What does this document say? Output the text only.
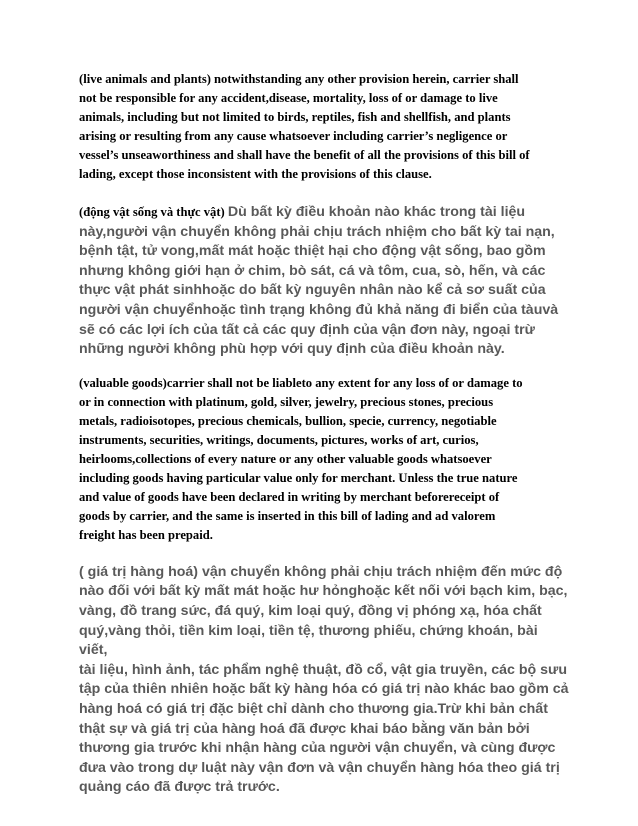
(live animals and plants) notwithstanding any other provision herein, carrier shall
not be responsible for any accident,disease, mortality, loss of or damage to live
animals, including but not limited to birds, reptiles, fish and shellfish, and plants
arising or resulting from any cause whatsoever including carrier’s negligence or
vessel’s unseaworthiness and shall have the benefit of all the provisions of this bill of
lading, except those inconsistent with the provisions of this clause.

(động vật sống và thực vật) Dù bất kỳ điều khoản nào khác trong tài liệu
này,người vận chuyển không phải chịu trách nhiệm cho bất kỳ tai nạn,
bệnh tật, tử vong,mất mát hoặc thiệt hại cho động vật sống, bao gồm
nhưng không giới hạn ở chim, bò sát, cá và tôm, cua, sò, hến, và các
thực vật phát sinhhoặc do bất kỳ nguyên nhân nào kể cả sơ suất của
người vận chuyểnhoặc tình trạng không đủ khả năng đi biển của tàuvà
sẽ có các lợi ích của tất cả các quy định của vận đơn này, ngoại trừ
những người không phù hợp với quy định của điều khoản này.

(valuable goods)carrier shall not be liableto any extent for any loss of or damage to
or in connection with platinum, gold, silver, jewelry, precious stones, precious
metals, radioisotopes, precious chemicals, bullion, specie, currency, negotiable
instruments, securities, writings, documents, pictures, works of art, curios,
heirlooms,collections of every nature or any other valuable goods whatsoever
including goods having particular value only for merchant. Unless the true nature
and value of goods have been declared in writing by merchant beforereceipt of
goods by carrier, and the same is inserted in this bill of lading and ad valorem
freight has been prepaid.

( giá trị hàng hoá) vận chuyển không phải chịu trách nhiệm đến mức độ
nào đối với bất kỳ mất mát hoặc hư hỏnghoặc kết nối với bạch kim, bạc,
vàng, đồ trang sức, đá quý, kim loại quý, đồng vị phóng xạ, hóa chất
quý,vàng thỏi, tiền kim loại, tiền tệ, thương phiếu, chứng khoán, bài viết,
tài liệu, hình ảnh, tác phẩm nghệ thuật, đồ cổ, vật gia truyền, các bộ sưu
tập của thiên nhiên hoặc bất kỳ hàng hóa có giá trị nào khác bao gồm cả
hàng hoá có giá trị đặc biệt chỉ dành cho thương gia.Trừ khi bản chất
thật sự và giá trị của hàng hoá đã được khai báo bằng văn bản bởi
thương gia trước khi nhận hàng của người vận chuyển, và cùng được
đưa vào trong dự luật này vận đơn và vận chuyển hàng hóa theo giá trị
quảng cáo đã được trả trước.
